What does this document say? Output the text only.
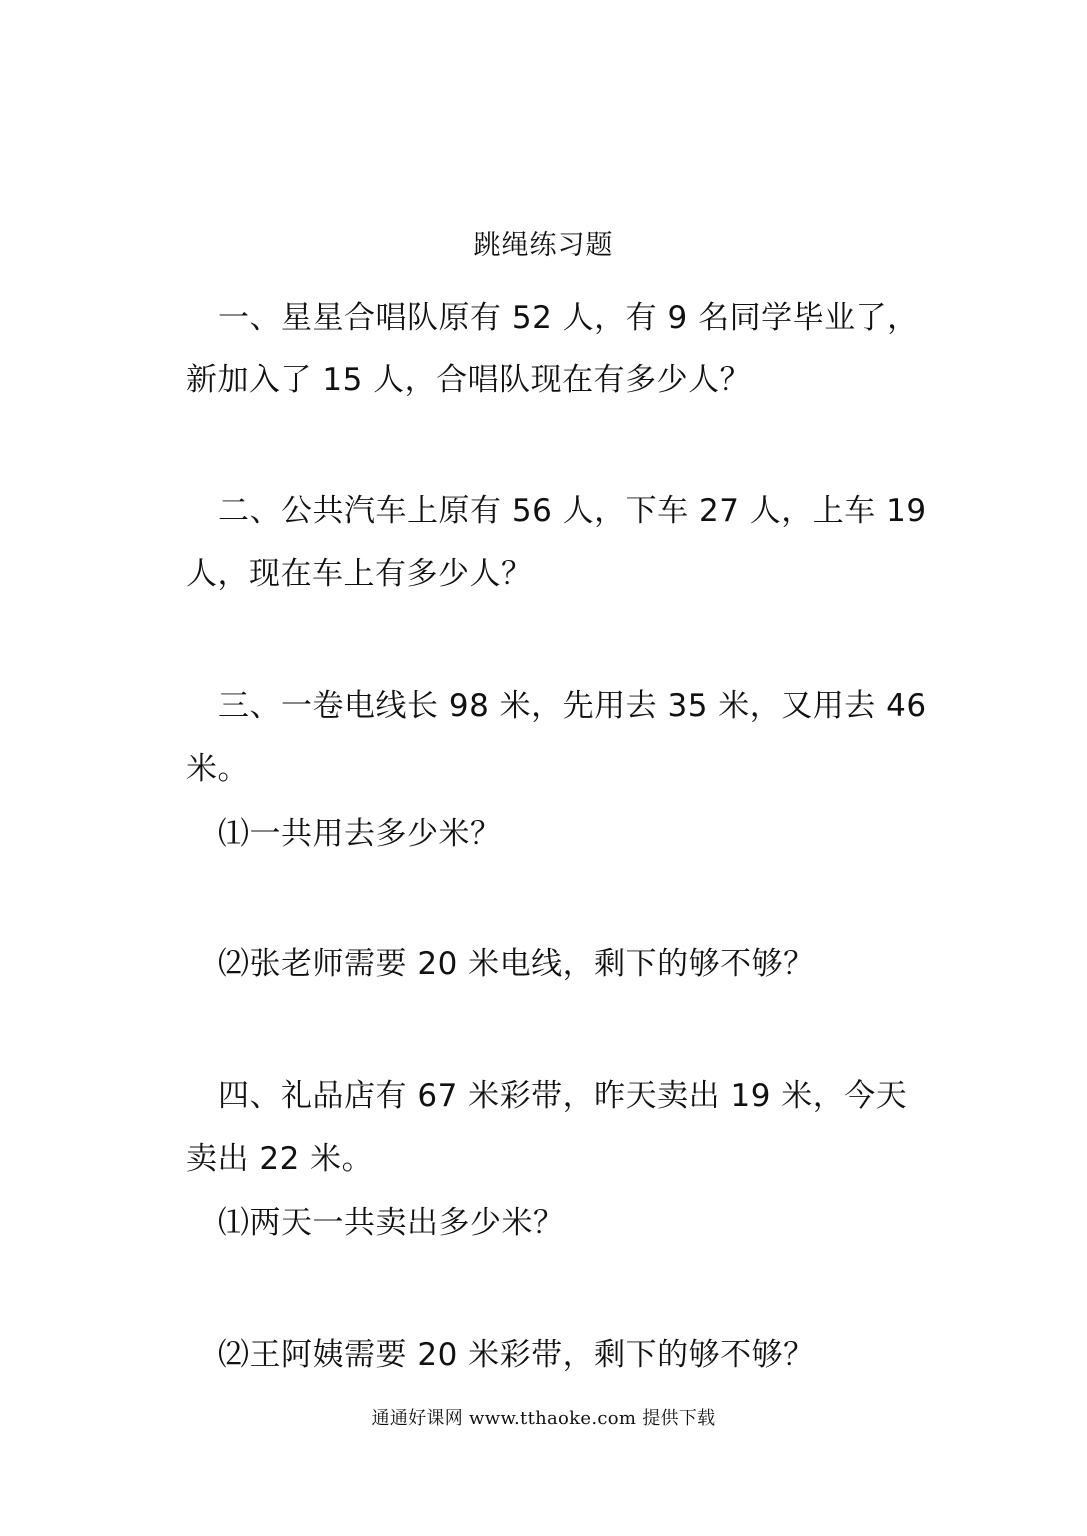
跳绳练习题
一、星星合唱队原有 52 人，有 9 名同学毕业了，
新加入了 15 人，合唱队现在有多少人？
二、公共汽车上原有 56 人，下车 27 人，上车 19
人，现在车上有多少人？
三、一卷电线长 98 米，先用去 35 米，又用去 46
米。
⑴一共用去多少米？
⑵张老师需要 20 米电线，剩下的够不够？
四、礼品店有 67 米彩带，昨天卖出 19 米，今天
卖出 22 米。
⑴两天一共卖出多少米？
⑵王阿姨需要 20 米彩带，剩下的够不够？
通通好课网 www.tthaoke.com 提供下载
